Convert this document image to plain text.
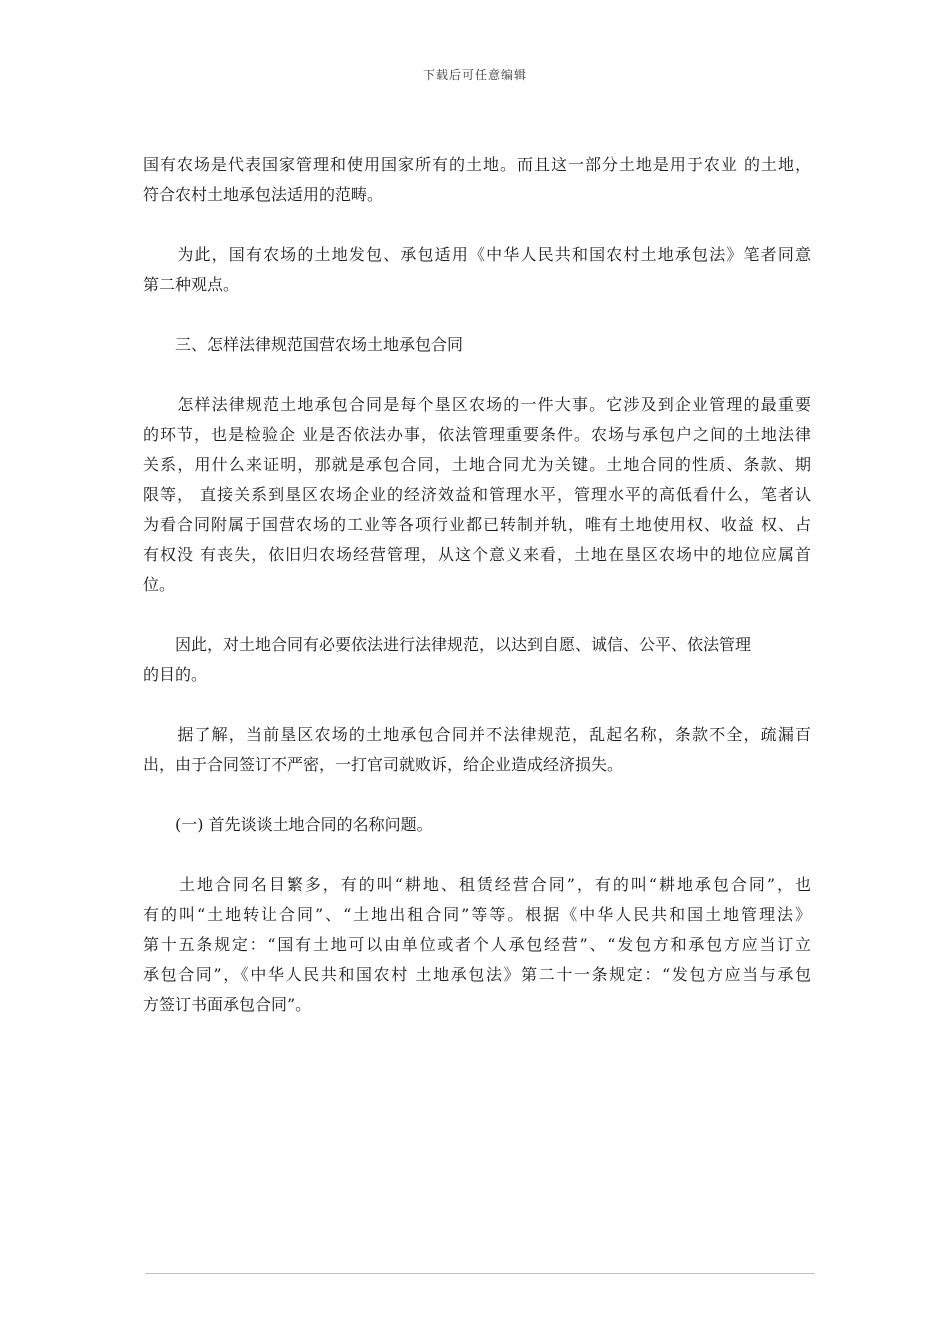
下载后可任意编辑
国有农场是代表国家管理和使用国家所有的土地。而且这一部分土地是用于农业 的土地，
符合农村土地承包法适用的范畴。
　　为此，国有农场的土地发包、承包适用《中华人民共和国农村土地承包法》笔者同意
第二种观点。
　　三、怎样法律规范国营农场土地承包合同
　　怎样法律规范土地承包合同是每个垦区农场的一件大事。它涉及到企业管理的最重要
的环节，也是检验企 业是否依法办事，依法管理重要条件。农场与承包户之间的土地法律
关系，用什么来证明，那就是承包合同，土地合同尤为关键。土地合同的性质、条款、期
限等， 直接关系到垦区农场企业的经济效益和管理水平，管理水平的高低看什么，笔者认
为看合同附属于国营农场的工业等各项行业都已转制并轨，唯有土地使用权、收益 权、占
有权没 有丧失，依旧归农场经营管理，从这个意义来看，土地在垦区农场中的地位应属首
位。
　　因此，对土地合同有必要依法进行法律规范，以达到自愿、诚信、公平、依法管理
的目的。
　　据了解，当前垦区农场的土地承包合同并不法律规范，乱起名称，条款不全，疏漏百
出，由于合同签订不严密，一打官司就败诉，给企业造成经济损失。
　　(一) 首先谈谈土地合同的名称问题。
　　土地合同名目繁多，有的叫“耕地、租赁经营合同”，有的叫“耕地承包合同”，也
有的叫“土地转让合同”、“土地出租合同”等等。根据《中华人民共和国土地管理法》
第十五条规定：“国有土地可以由单位或者个人承包经营”、“发包方和承包方应当订立
承包合同”，《中华人民共和国农村 土地承包法》第二十一条规定：“发包方应当与承包
方签订书面承包合同”。
